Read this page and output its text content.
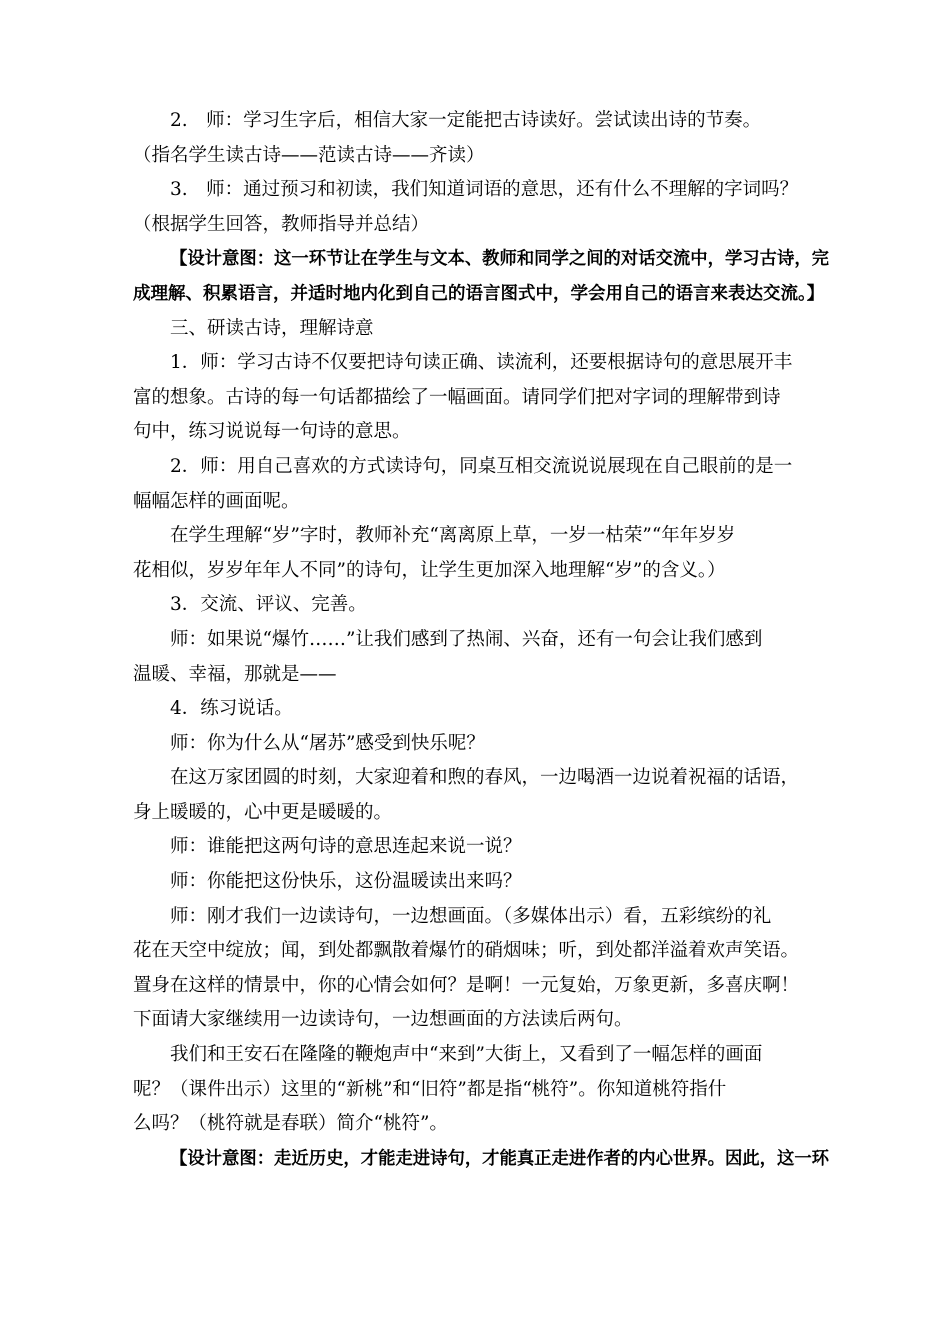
2.　师：学习生字后，相信大家一定能把古诗读好。尝试读出诗的节奏。
（指名学生读古诗——范读古诗——齐读）
3.　师：通过预习和初读，我们知道词语的意思，还有什么不理解的字词吗？
（根据学生回答，教师指导并总结）
【设计意图：这一环节让在学生与文本、教师和同学之间的对话交流中，学习古诗，完
成理解、积累语言，并适时地内化到自己的语言图式中，学会用自己的语言来表达交流。】
三、研读古诗，理解诗意
1．师：学习古诗不仅要把诗句读正确、读流利，还要根据诗句的意思展开丰
富的想象。古诗的每一句话都描绘了一幅画面。请同学们把对字词的理解带到诗
句中，练习说说每一句诗的意思。
2．师：用自己喜欢的方式读诗句，同桌互相交流说说展现在自己眼前的是一
幅幅怎样的画面呢。
在学生理解“岁”字时，教师补充“离离原上草，一岁一枯荣”“年年岁岁
花相似，岁岁年年人不同”的诗句，让学生更加深入地理解“岁”的含义。）
3．交流、评议、完善。
师：如果说“爆竹……”让我们感到了热闹、兴奋，还有一句会让我们感到
温暖、幸福，那就是——
4．练习说话。
师：你为什么从“屠苏”感受到快乐呢？
在这万家团圆的时刻，大家迎着和煦的春风，一边喝酒一边说着祝福的话语，
身上暖暖的，心中更是暖暖的。
师：谁能把这两句诗的意思连起来说一说？
师：你能把这份快乐，这份温暖读出来吗？
师：刚才我们一边读诗句，一边想画面。（多媒体出示）看，五彩缤纷的礼
花在天空中绽放；闻，到处都飘散着爆竹的硝烟味；听，到处都洋溢着欢声笑语。
置身在这样的情景中，你的心情会如何？是啊！一元复始，万象更新，多喜庆啊！
下面请大家继续用一边读诗句，一边想画面的方法读后两句。
我们和王安石在隆隆的鞭炮声中“来到”大街上，又看到了一幅怎样的画面
呢？（课件出示）这里的“新桃”和“旧符”都是指“桃符”。你知道桃符指什
么吗？（桃符就是春联）简介“桃符”。
【设计意图：走近历史，才能走进诗句，才能真正走进作者的内心世界。因此，这一环
